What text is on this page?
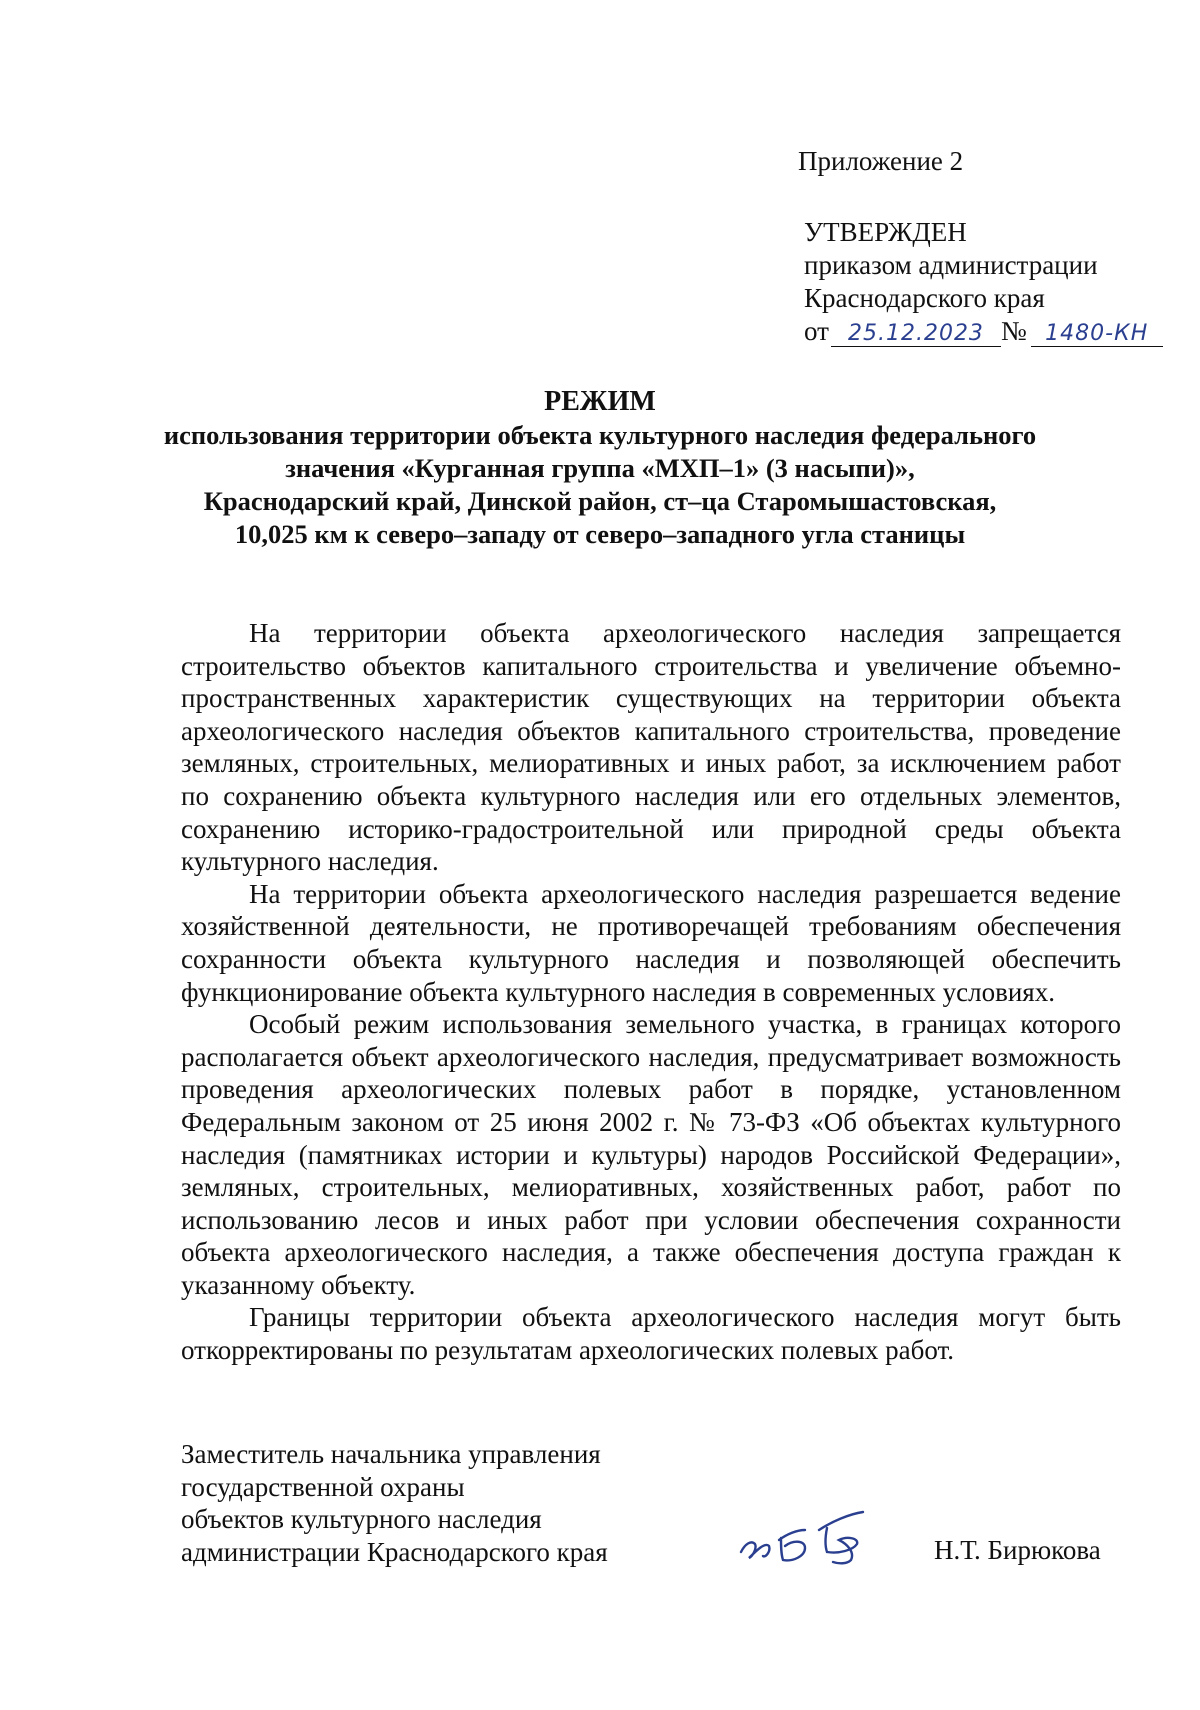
Приложение 2
УТВЕРЖДЕН
приказом администрации
Краснодарского края
от 25.12.2023 № 1480-КН
РЕЖИМ
использования территории объекта культурного наследия федерального
значения «Курганная группа «МХП–1» (3 насыпи)»,
Краснодарский край, Динской район, ст–ца Старомышастовская,
10,025 км к северо–западу от северо–западного угла станицы

На территории объекта археологического наследия запрещается строительство объектов капитального строительства и увеличение объемно-пространственных характеристик существующих на территории объекта археологического наследия объектов капитального строительства, проведение земляных, строительных, мелиоративных и иных работ, за исключением работ по сохранению объекта культурного наследия или его отдельных элементов, сохранению историко-градостроительной или природной среды объекта культурного наследия.

На территории объекта археологического наследия разрешается ведение хозяйственной деятельности, не противоречащей требованиям обеспечения сохранности объекта культурного наследия и позволяющей обеспечить функционирование объекта культурного наследия в современных условиях.

Особый режим использования земельного участка, в границах которого располагается объект археологического наследия, предусматривает возможность проведения археологических полевых работ в порядке, установленном Федеральным законом от 25 июня 2002 г. № 73-ФЗ «Об объектах культурного наследия (памятниках истории и культуры) народов Российской Федерации», земляных, строительных, мелиоративных, хозяйственных работ, работ по использованию лесов и иных работ при условии обеспечения сохранности объекта археологического наследия, а также обеспечения доступа граждан к указанному объекту.

Границы территории объекта археологического наследия могут быть откорректированы по результатам археологических полевых работ.

Заместитель начальника управления
государственной охраны
объектов культурного наследия
администрации Краснодарского края	Н.Т. Бирюкова
